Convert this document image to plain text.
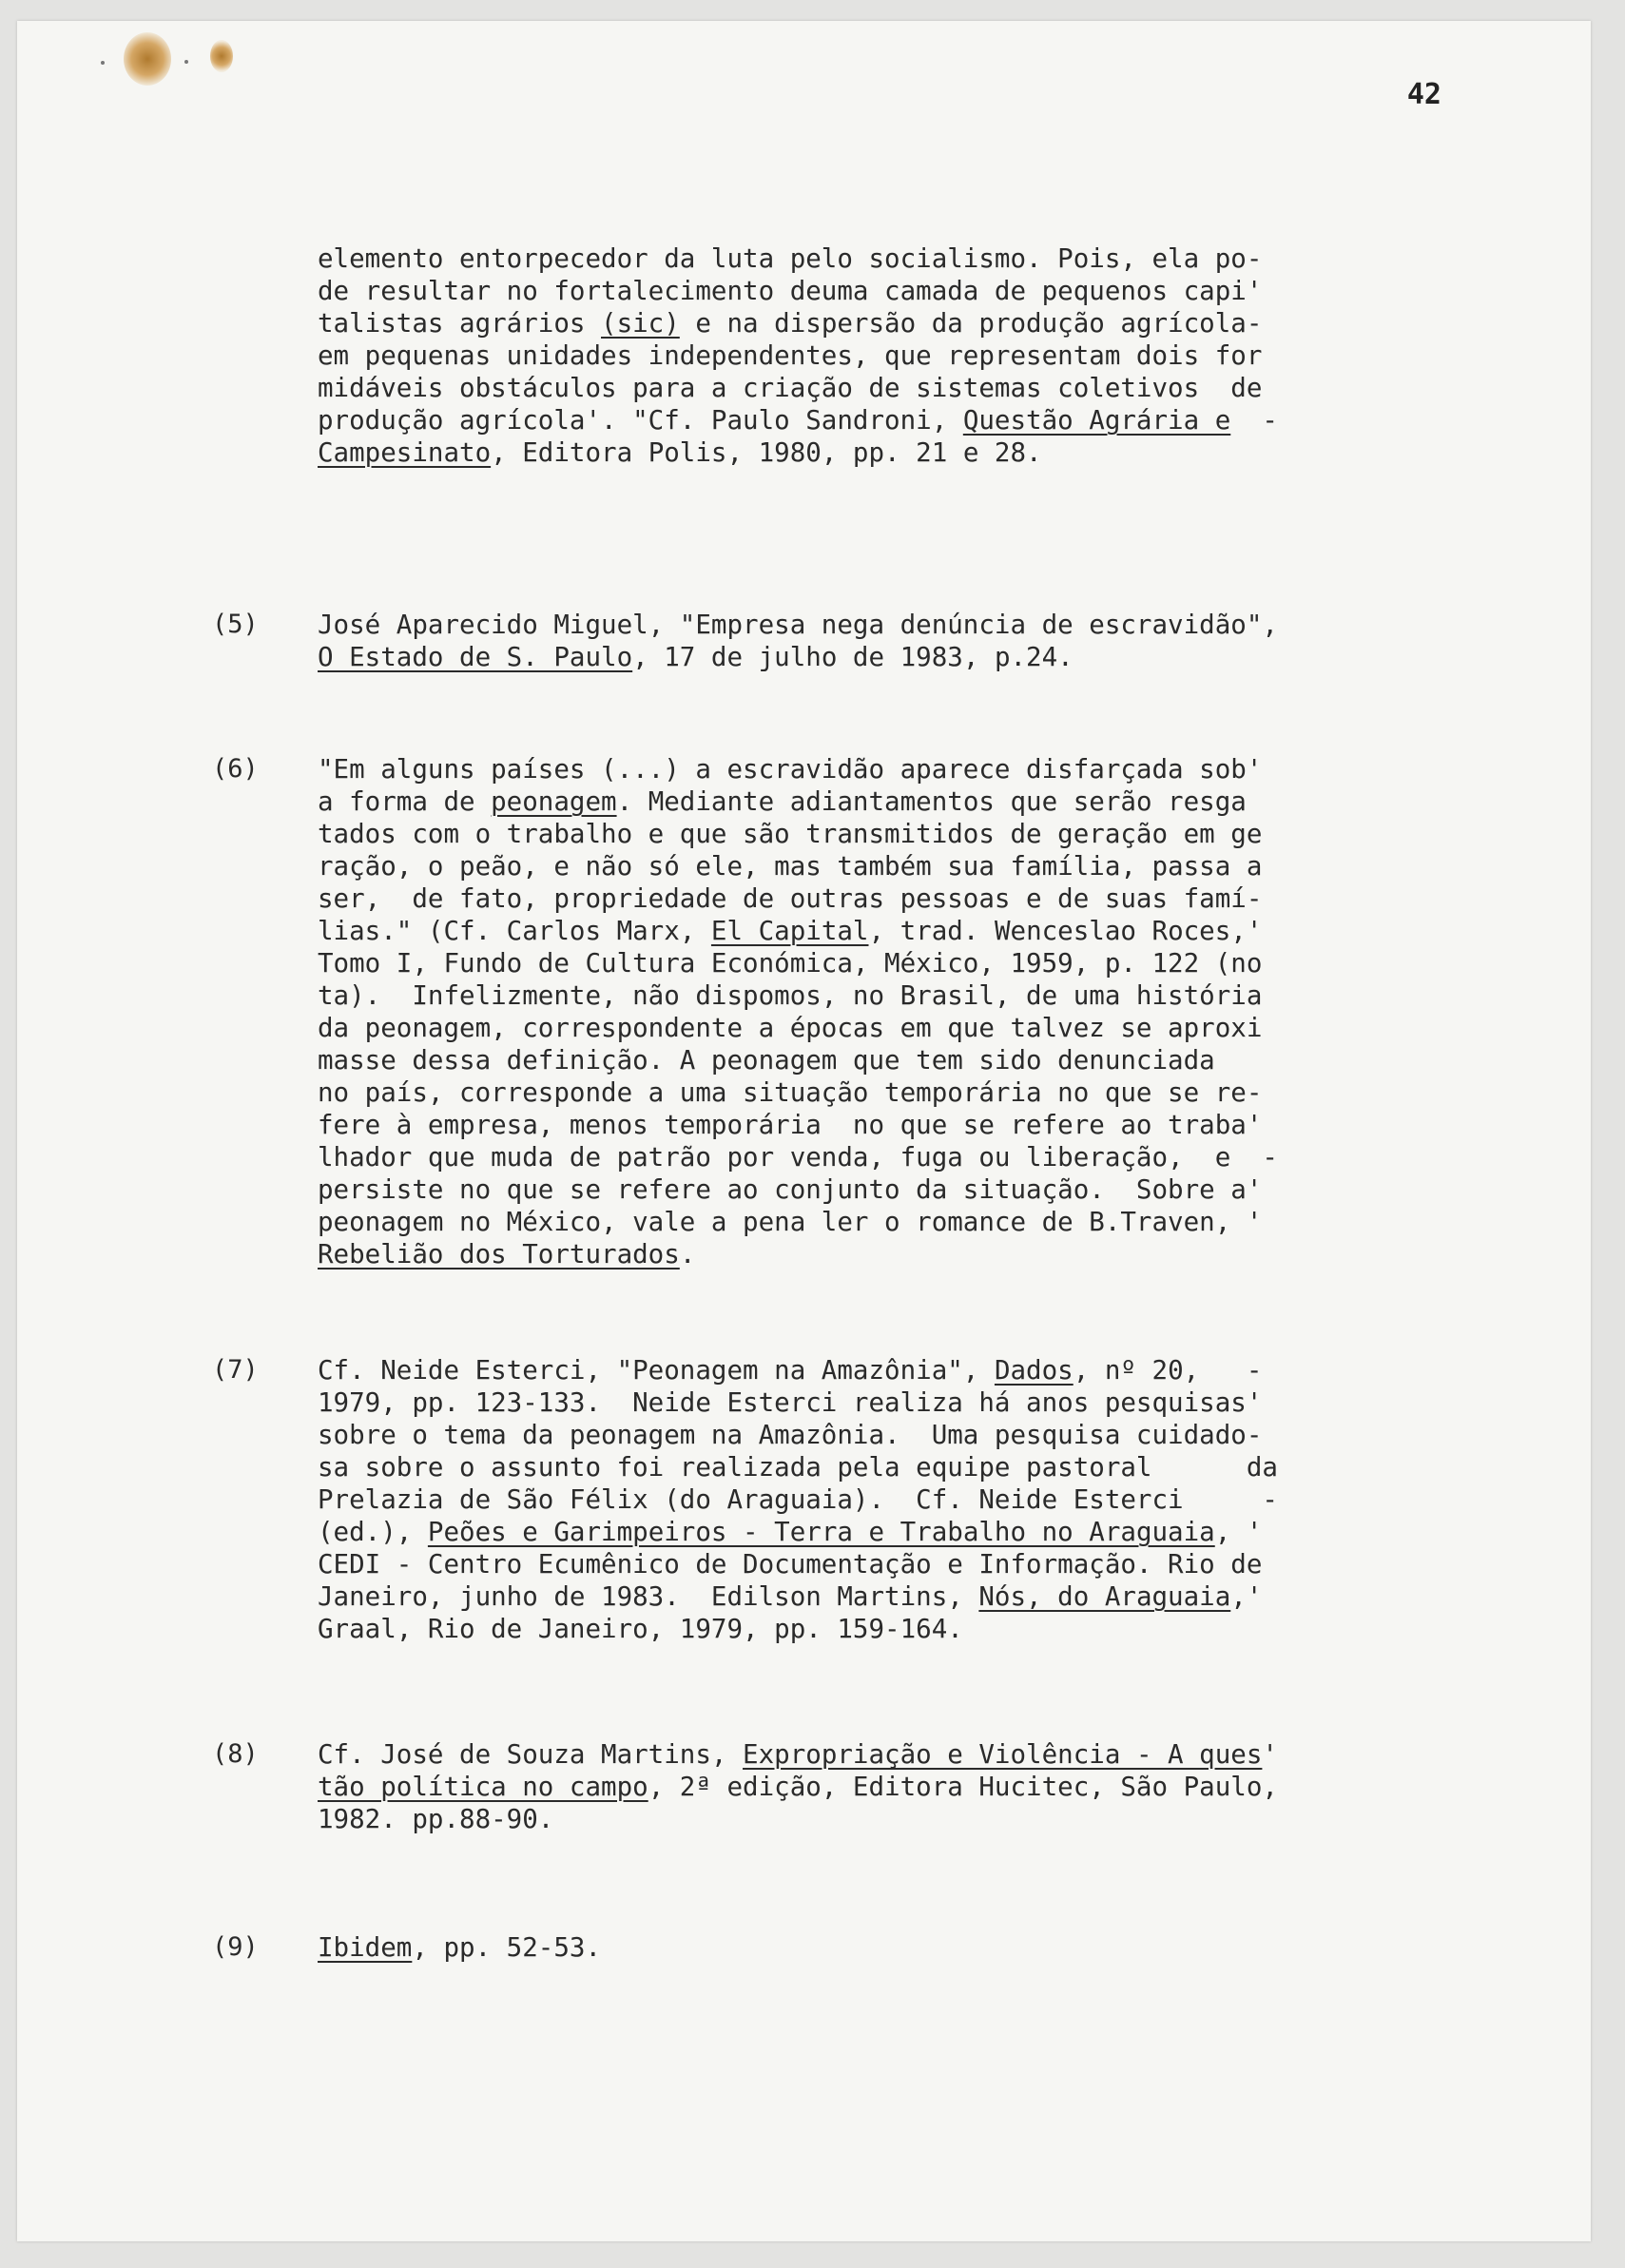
42
elemento entorpecedor da luta pelo socialismo. Pois, ela po-
de resultar no fortalecimento deuma camada de pequenos capi'
talistas agrários (sic) e na dispersão da produção agrícola-
em pequenas unidades independentes, que representam dois for
midáveis obstáculos para a criação de sistemas coletivos  de
produção agrícola'. "Cf. Paulo Sandroni, Questão Agrária e  -
Campesinato, Editora Polis, 1980, pp. 21 e 28.
(5) José Aparecido Miguel, "Empresa nega denúncia de escravidão",
O Estado de S. Paulo, 17 de julho de 1983, p.24.
(6) "Em alguns países (...) a escravidão aparece disfarçada sob'
a forma de peonagem. Mediante adiantamentos que serão resga
tados com o trabalho e que são transmitidos de geração em ge
ração, o peão, e não só ele, mas também sua família, passa a
ser,  de fato, propriedade de outras pessoas e de suas famí-
lias." (Cf. Carlos Marx, El Capital, trad. Wenceslao Roces,'
Tomo I, Fundo de Cultura Económica, México, 1959, p. 122 (no
ta).  Infelizmente, não dispomos, no Brasil, de uma história
da peonagem, correspondente a épocas em que talvez se aproxi
masse dessa definição. A peonagem que tem sido denunciada
no país, corresponde a uma situação temporária no que se re-
fere à empresa, menos temporária  no que se refere ao traba'
lhador que muda de patrão por venda, fuga ou liberação,  e  -
persiste no que se refere ao conjunto da situação.  Sobre a'
peonagem no México, vale a pena ler o romance de B.Traven, '
Rebelião dos Torturados.
(7) Cf. Neide Esterci, "Peonagem na Amazônia", Dados, nº 20,   -
1979, pp. 123-133.  Neide Esterci realiza há anos pesquisas'
sobre o tema da peonagem na Amazônia.  Uma pesquisa cuidado-
sa sobre o assunto foi realizada pela equipe pastoral      da
Prelazia de São Félix (do Araguaia).  Cf. Neide Esterci     -
(ed.), Peões e Garimpeiros - Terra e Trabalho no Araguaia, '
CEDI - Centro Ecumênico de Documentação e Informação. Rio de
Janeiro, junho de 1983.  Edilson Martins, Nós, do Araguaia,'
Graal, Rio de Janeiro, 1979, pp. 159-164.
(8) Cf. José de Souza Martins, Expropriação e Violência - A ques'
tão política no campo, 2ª edição, Editora Hucitec, São Paulo,
1982. pp.88-90.
(9) Ibidem, pp. 52-53.
